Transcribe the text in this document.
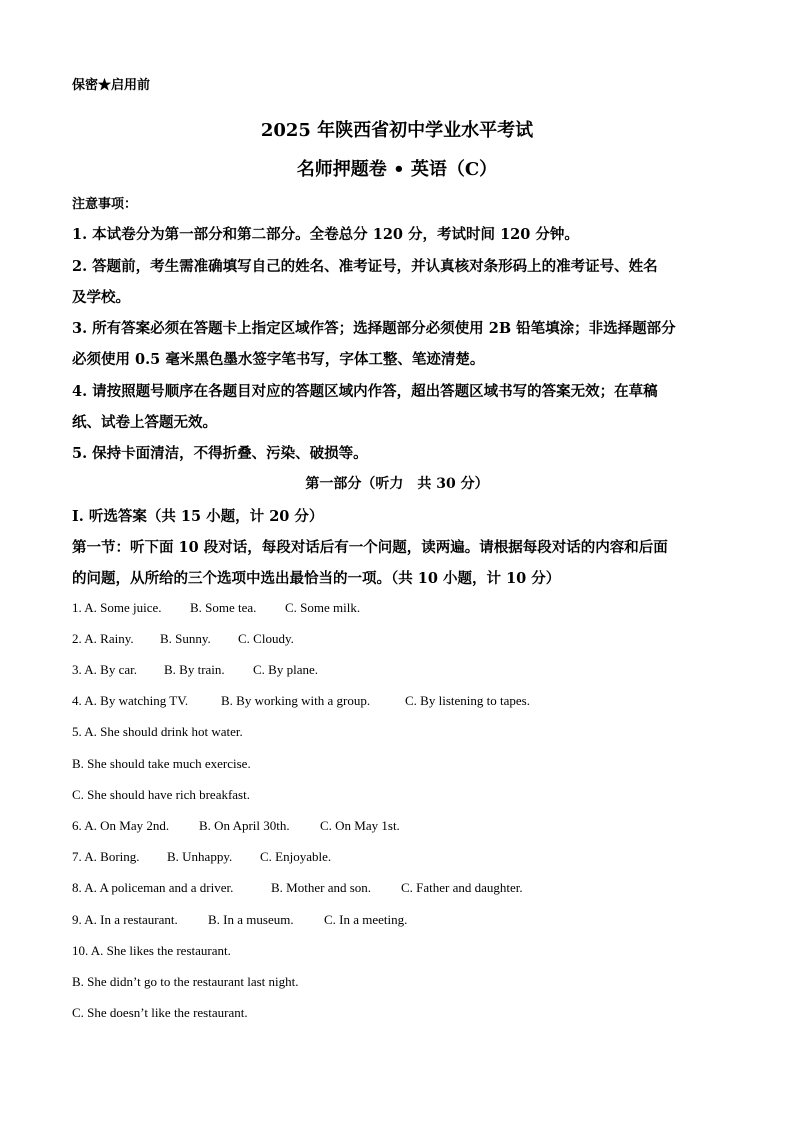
保密★启用前
2025 年陕西省初中学业水平考试
名师押题卷 • 英语（C）
注意事项：
1. 本试卷分为第一部分和第二部分。全卷总分 120 分，考试时间 120 分钟。
2. 答题前，考生需准确填写自己的姓名、准考证号，并认真核对条形码上的准考证号、姓名
及学校。
3. 所有答案必须在答题卡上指定区域作答；选择题部分必须使用 2B 铅笔填涂；非选择题部分
必须使用 0.5 毫米黑色墨水签字笔书写，字体工整、笔迹清楚。
4. 请按照题号顺序在各题目对应的答题区域内作答，超出答题区域书写的答案无效；在草稿
纸、试卷上答题无效。
5. 保持卡面清洁，不得折叠、污染、破损等。
第一部分（听力　共 30 分）
Ⅰ. 听选答案（共 15 小题，计 20 分）
第一节：听下面 10 段对话，每段对话后有一个问题，读两遍。请根据每段对话的内容和后面
的问题，从所给的三个选项中选出最恰当的一项。（共 10 小题，计 10 分）
1. A. Some juice. B. Some tea. C. Some milk.
2. A. Rainy. B. Sunny. C. Cloudy.
3. A. By car. B. By train. C. By plane.
4. A. By watching TV.	B. By working with a group.	C. By listening to tapes.
5. A. She should drink hot water.
B. She should take much exercise.
C. She should have rich breakfast.
6. A. On May 2nd. B. On April 30th. C. On May 1st.
7. A. Boring. B. Unhappy. C. Enjoyable.
8. A. A policeman and a driver.	B. Mother and son. C. Father and daughter.
9. A. In a restaurant. B. In a museum. C. In a meeting.
10. A. She likes the restaurant.
B. She didn’t go to the restaurant last night.
C. She doesn’t like the restaurant.
